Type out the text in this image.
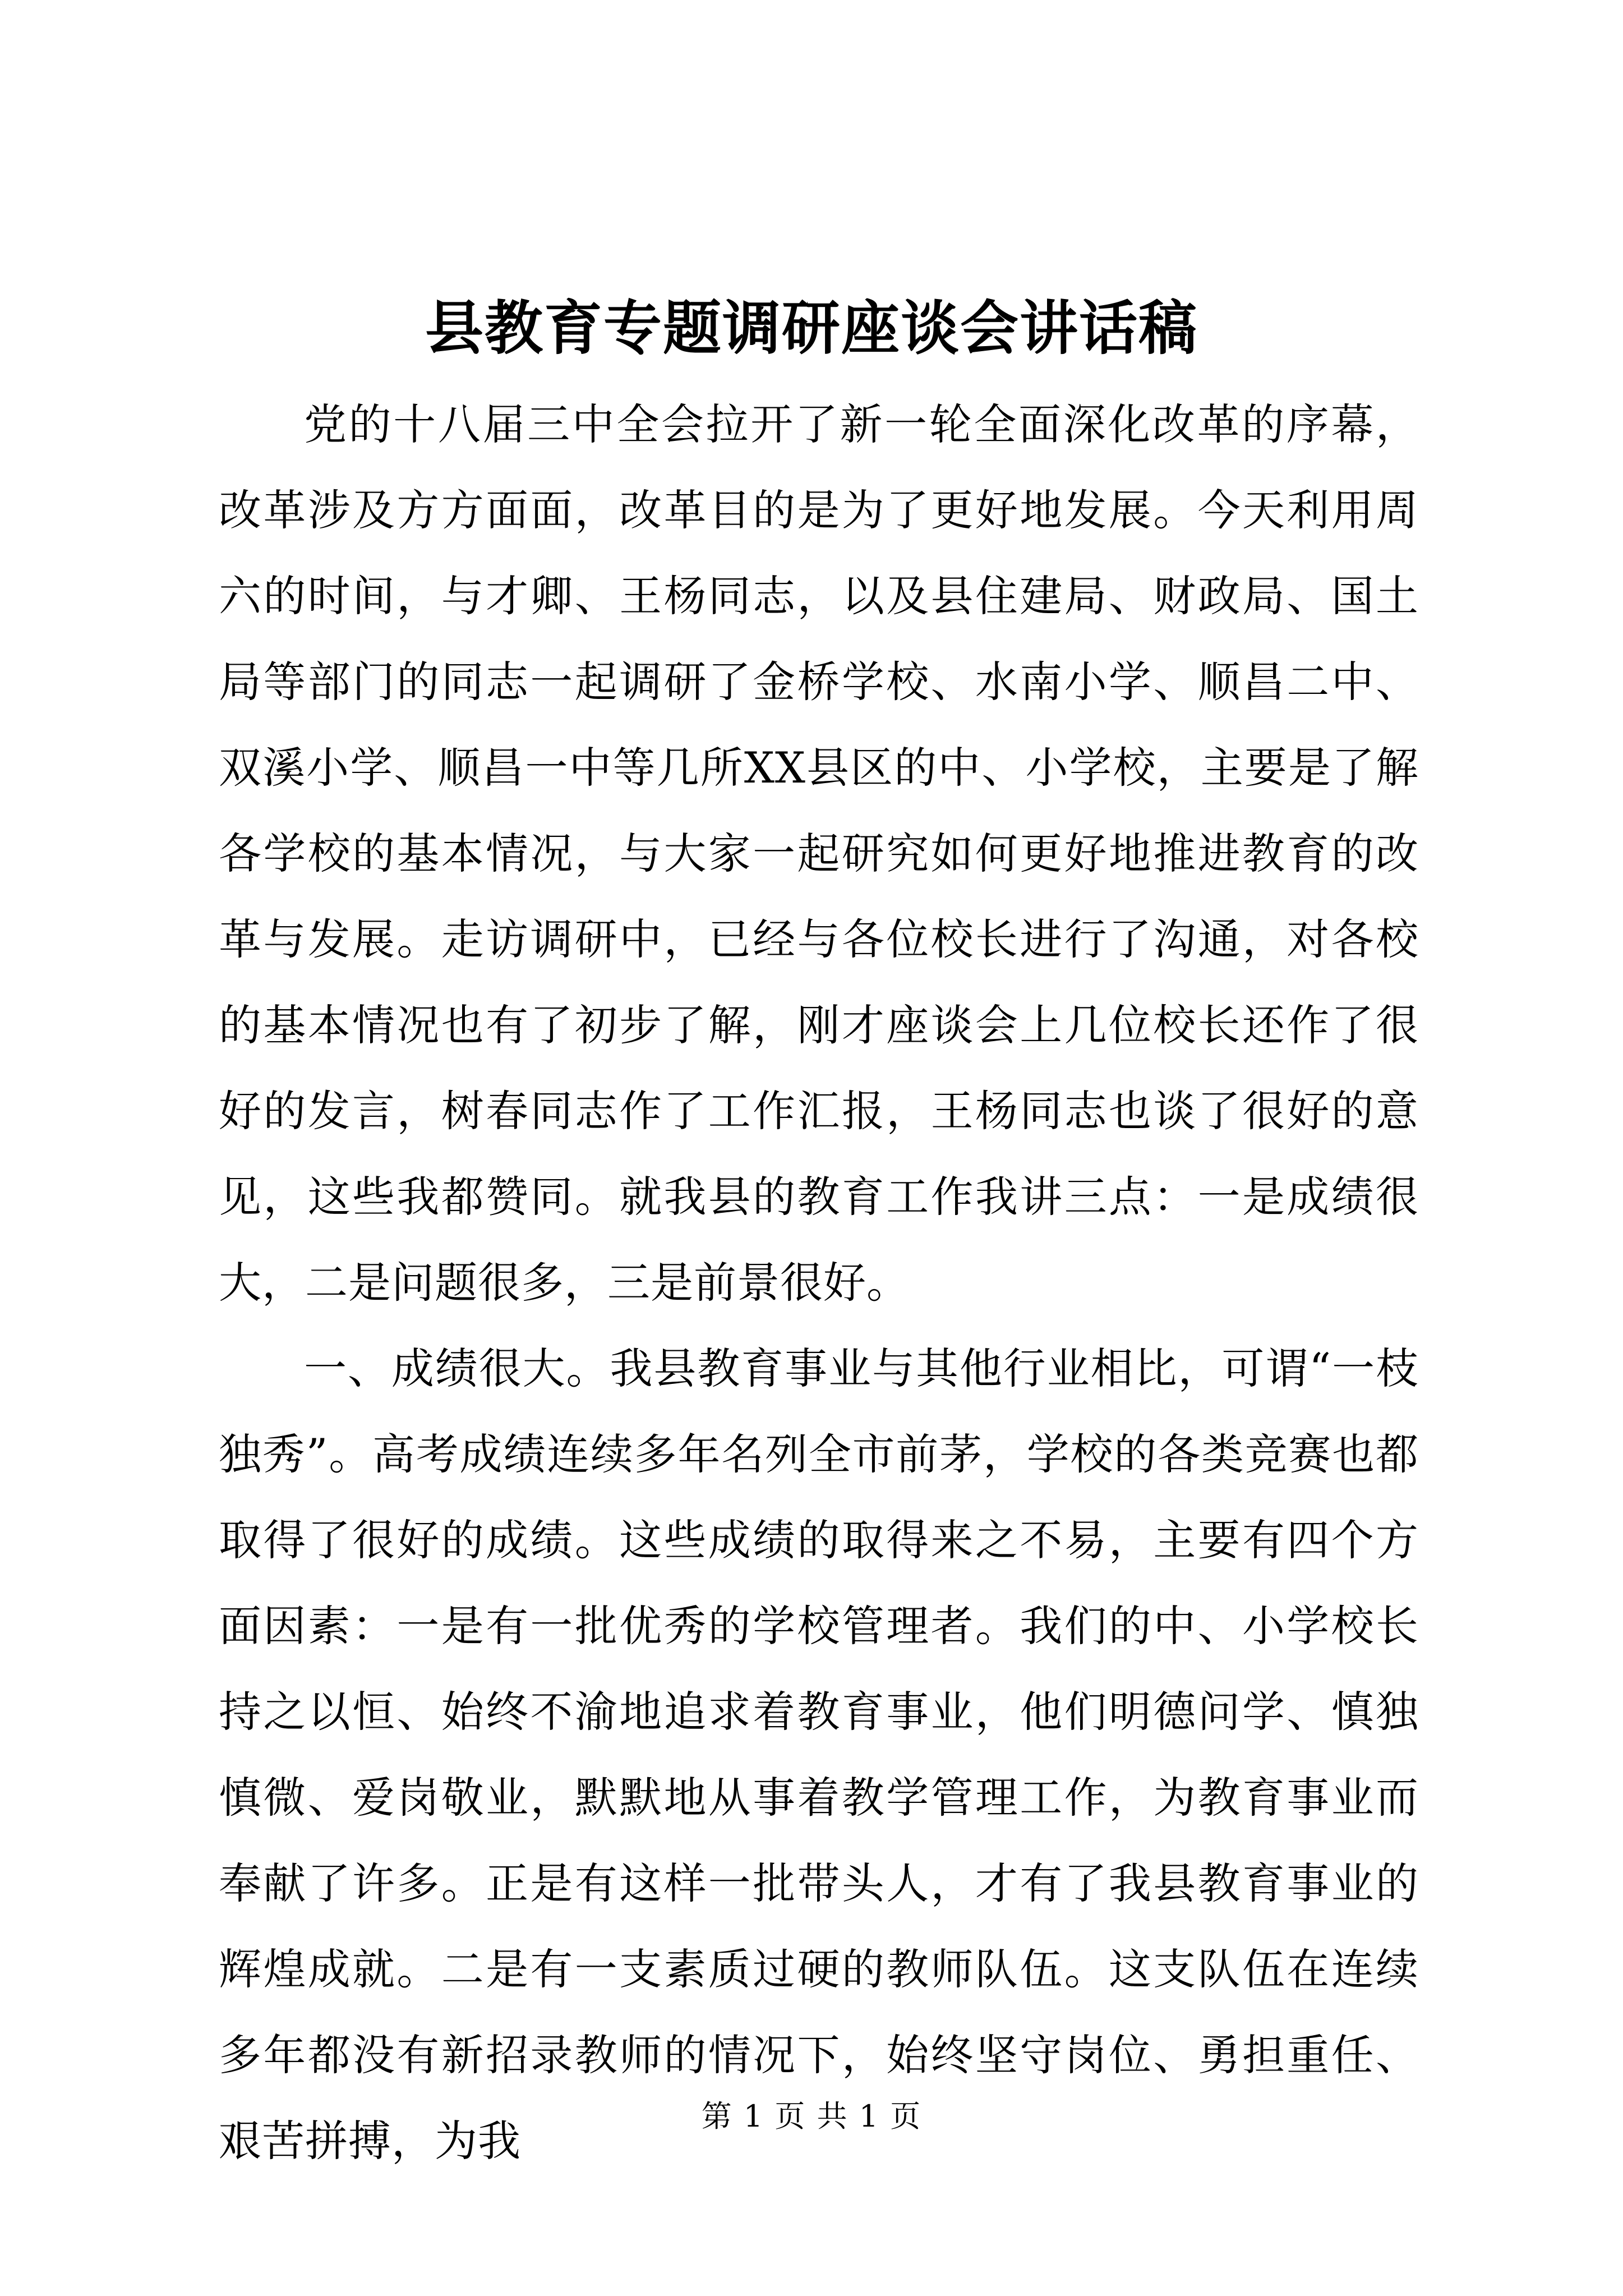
县教育专题调研座谈会讲话稿

党的十八届三中全会拉开了新一轮全面深化改革的序幕，改革涉及方方面面，改革目的是为了更好地发展。今天利用周六的时间，与才卿、王杨同志，以及县住建局、财政局、国土局等部门的同志一起调研了金桥学校、水南小学、顺昌二中、双溪小学、顺昌一中等几所XX县区的中、小学校，主要是了解各学校的基本情况，与大家一起研究如何更好地推进教育的改革与发展。走访调研中，已经与各位校长进行了沟通，对各校的基本情况也有了初步了解，刚才座谈会上几位校长还作了很好的发言，树春同志作了工作汇报，王杨同志也谈了很好的意见，这些我都赞同。就我县的教育工作我讲三点：一是成绩很大，二是问题很多，三是前景很好。

一、成绩很大。我县教育事业与其他行业相比，可谓“一枝独秀”。高考成绩连续多年名列全市前茅，学校的各类竞赛也都取得了很好的成绩。这些成绩的取得来之不易，主要有四个方面因素：一是有一批优秀的学校管理者。我们的中、小学校长持之以恒、始终不渝地追求着教育事业，他们明德问学、慎独慎微、爱岗敬业，默默地从事着教学管理工作，为教育事业而奉献了许多。正是有这样一批带头人，才有了我县教育事业的辉煌成就。二是有一支素质过硬的教师队伍。这支队伍在连续多年都没有新招录教师的情况下，始终坚守岗位、勇担重任、艰苦拼搏，为我	第 1 页 共 1 页
